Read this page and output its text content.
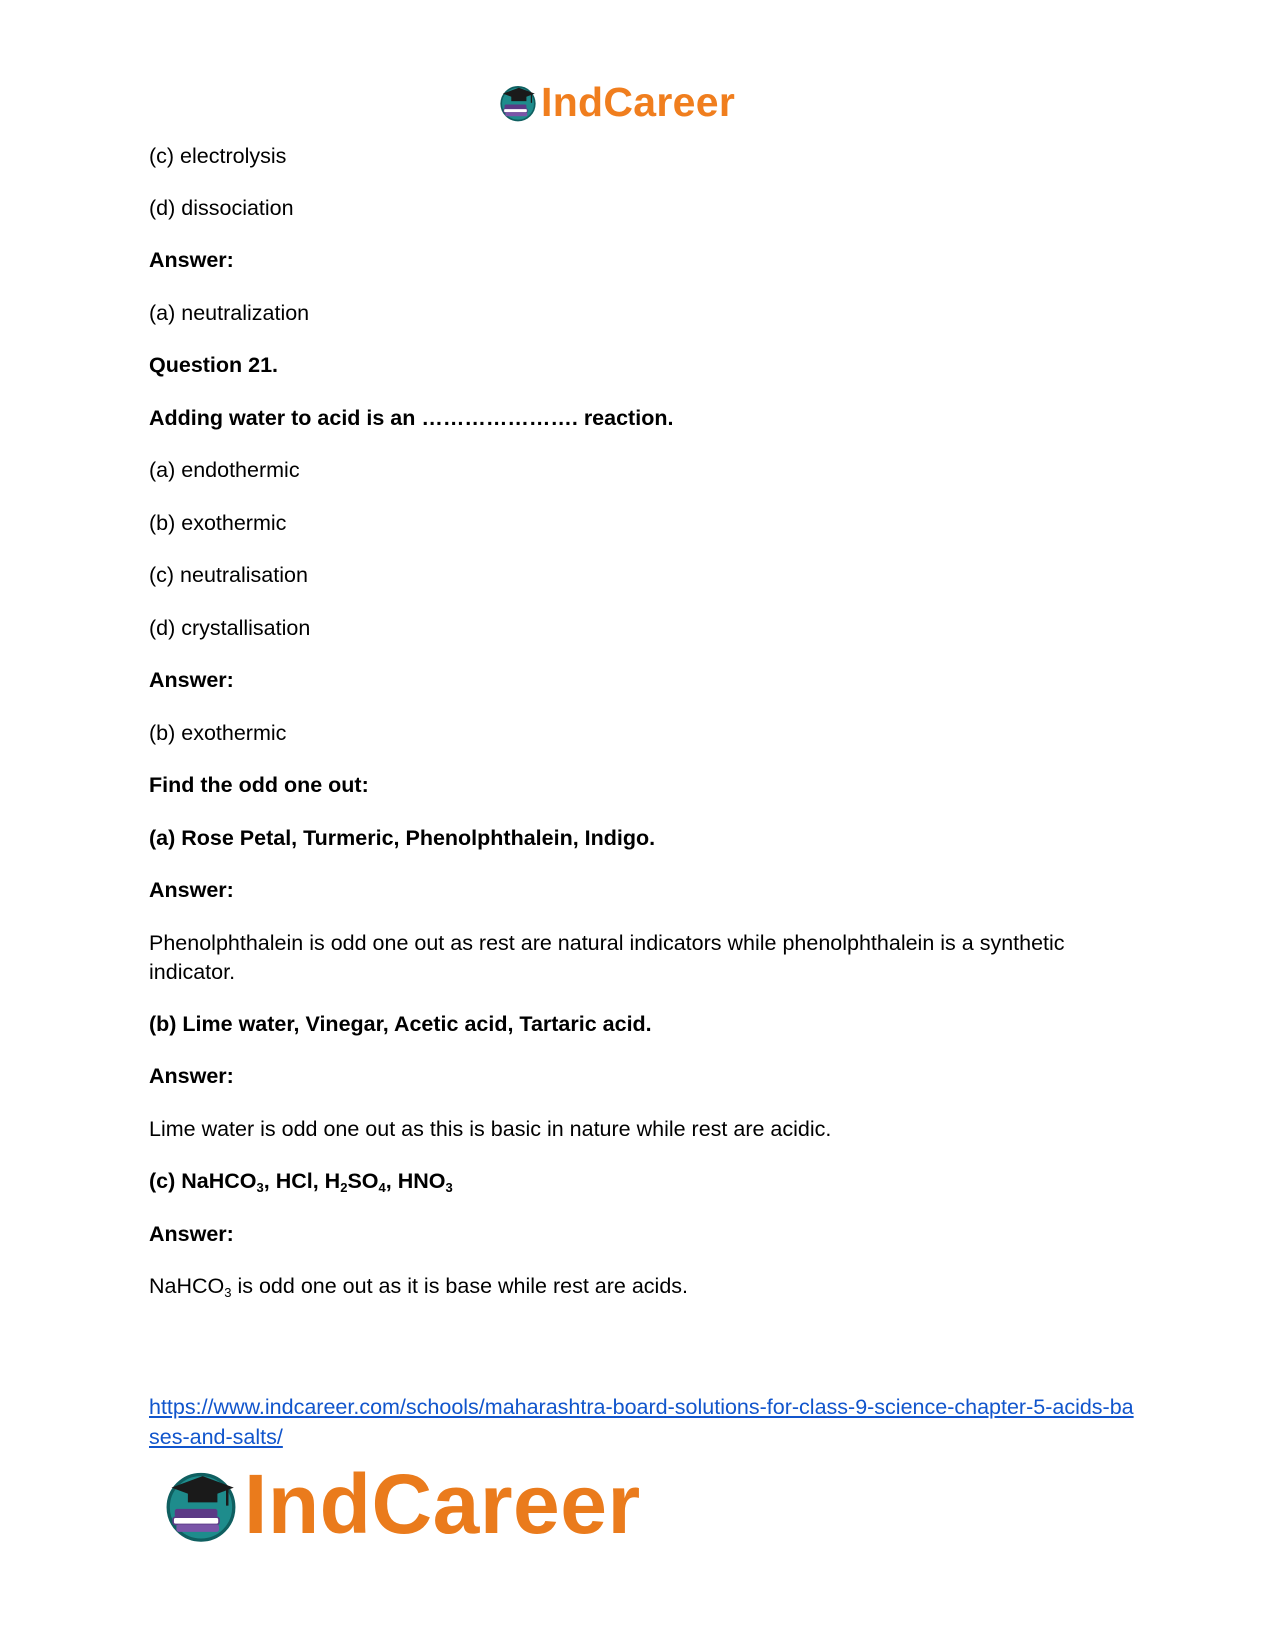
IndCareer
(c) electrolysis
(d) dissociation
Answer:
(a) neutralization
Question 21.
Adding water to acid is an …………………. reaction.
(a) endothermic
(b) exothermic
(c) neutralisation
(d) crystallisation
Answer:
(b) exothermic
Find the odd one out:
(a) Rose Petal, Turmeric, Phenolphthalein, Indigo.
Answer:
Phenolphthalein is odd one out as rest are natural indicators while phenolphthalein is a synthetic indicator.
(b) Lime water, Vinegar, Acetic acid, Tartaric acid.
Answer:
Lime water is odd one out as this is basic in nature while rest are acidic.
(c) NaHCO$_3$, HCl, $H_2SO_4$, $HNO_3$
Answer:
NaHCO$_3$ is odd one out as it is base while rest are acids.
https://www.indcareer.com/schools/maharashtra-board-solutions-for-class-9-science-chapter-5-acids-bases-and-salts/
IndCareer
